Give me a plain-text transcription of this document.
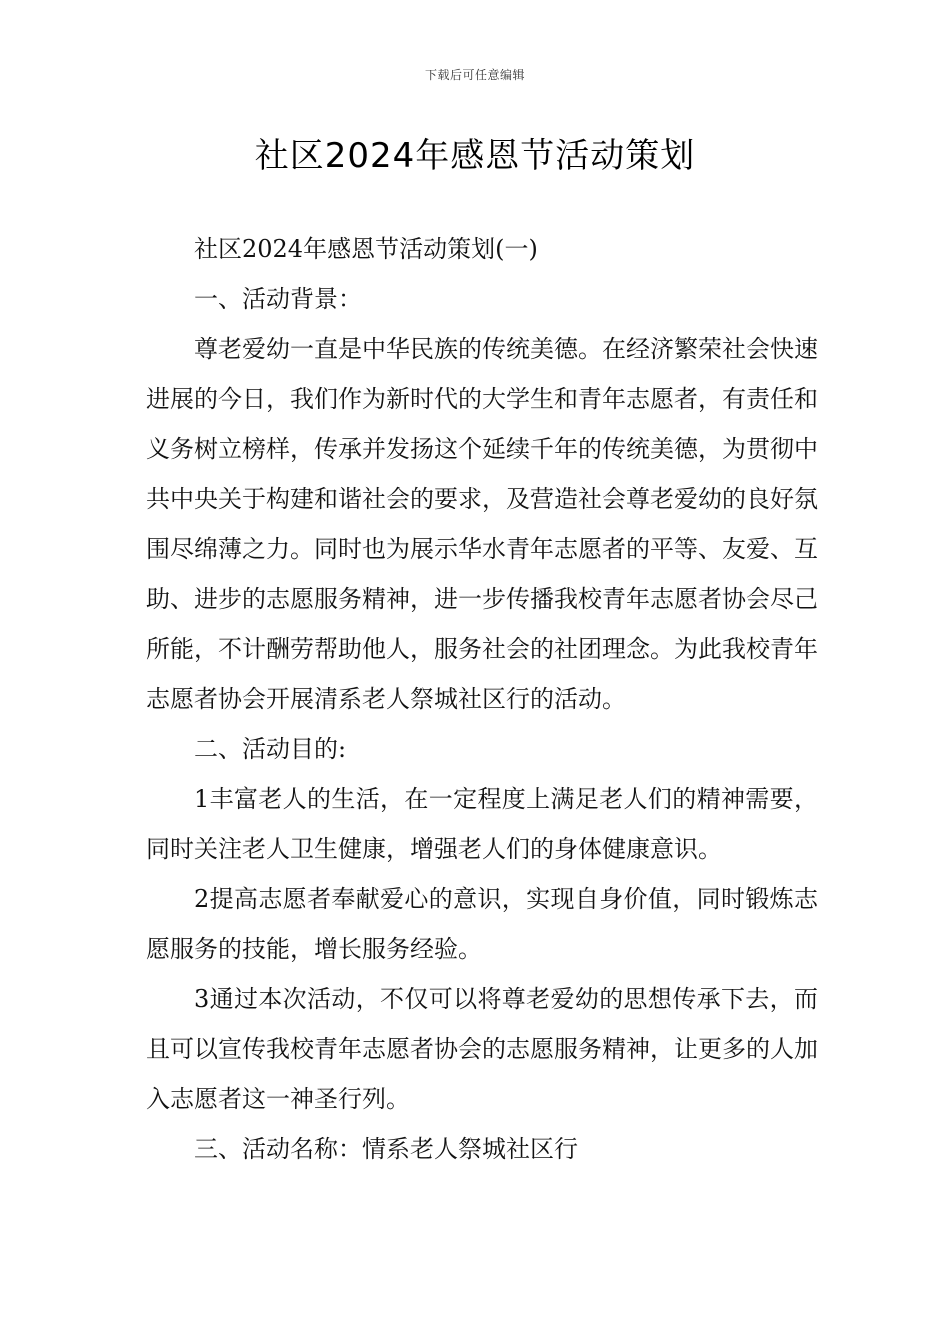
下载后可任意编辑
社区2024年感恩节活动策划

社区2024年感恩节活动策划(一)

一、活动背景：

尊老爱幼一直是中华民族的传统美德。在经济繁荣社会快速进展的今日，我们作为新时代的大学生和青年志愿者，有责任和义务树立榜样，传承并发扬这个延续千年的传统美德，为贯彻中共中央关于构建和谐社会的要求，及营造社会尊老爱幼的良好氛围尽绵薄之力。同时也为展示华水青年志愿者的平等、友爱、互助、进步的志愿服务精神，进一步传播我校青年志愿者协会尽己所能，不计酬劳帮助他人，服务社会的社团理念。为此我校青年志愿者协会开展清系老人祭城社区行的活动。

二、活动目的:

1丰富老人的生活，在一定程度上满足老人们的精神需要，同时关注老人卫生健康，增强老人们的身体健康意识。

2提高志愿者奉献爱心的意识，实现自身价值，同时锻炼志愿服务的技能，增长服务经验。

3通过本次活动，不仅可以将尊老爱幼的思想传承下去，而且可以宣传我校青年志愿者协会的志愿服务精神，让更多的人加入志愿者这一神圣行列。

三、活动名称：情系老人祭城社区行
